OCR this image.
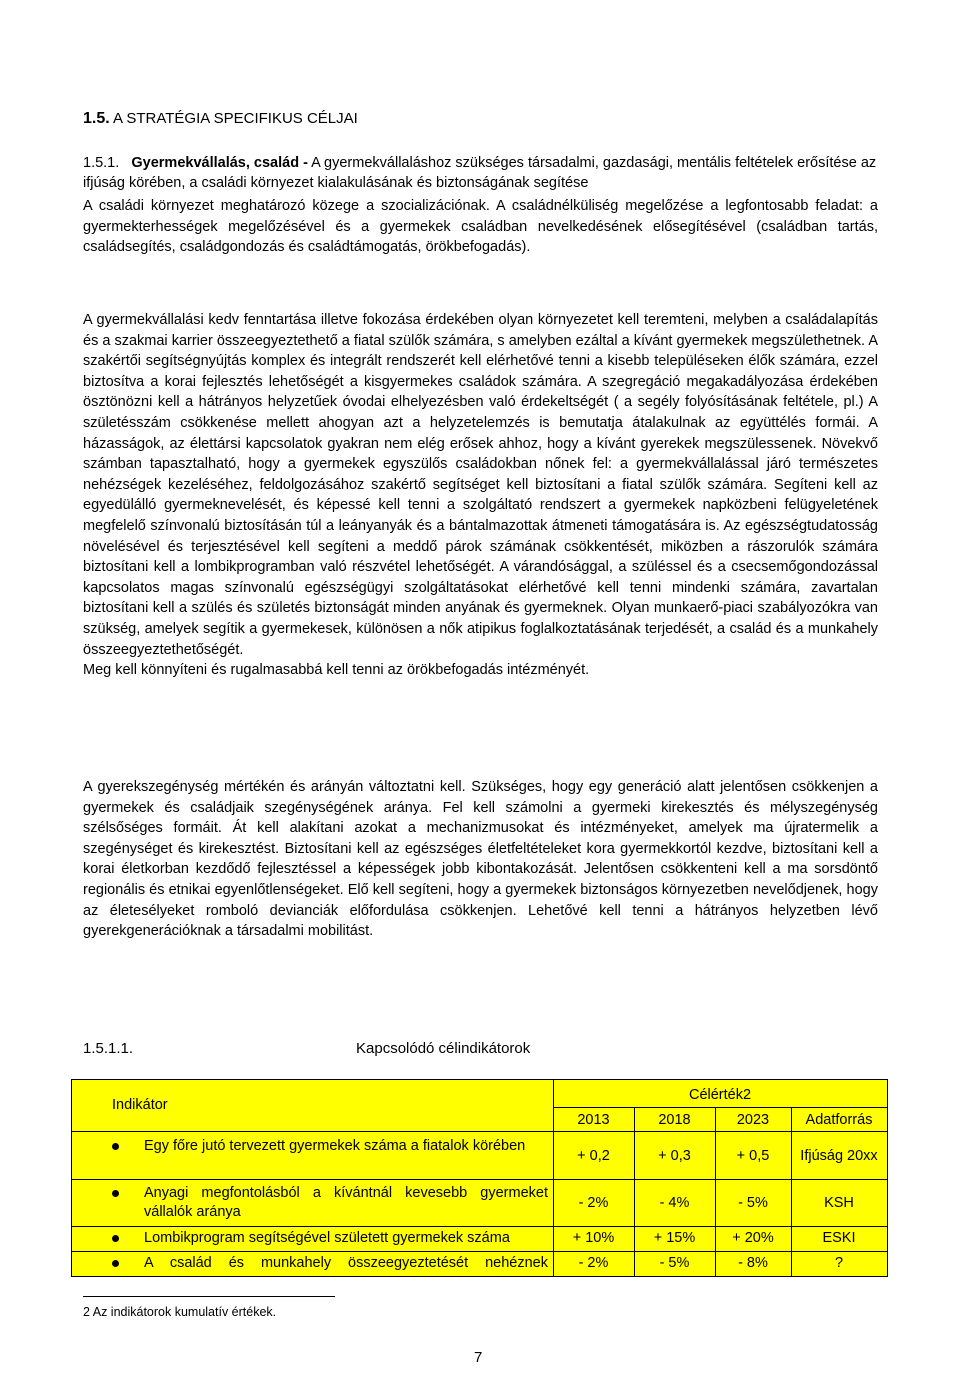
1.5. A STRATÉGIA SPECIFIKUS CÉLJAI
1.5.1. Gyermekvállalás, család - A gyermekvállaláshoz szükséges társadalmi, gazdasági, mentális feltételek erősítése az ifjúság körében, a családi környezet kialakulásának és biztonságának segítése
A családi környezet meghatározó közege a szocializációnak. A családnélküliség megelőzése a legfontosabb feladat: a gyermekterhességek megelőzésével és a gyermekek családban nevelkedésének elősegítésével (családban tartás, családsegítés, családgondozás és családtámogatás, örökbefogadás).
A gyermekvállalási kedv fenntartása illetve fokozása érdekében olyan környezetet kell teremteni, melyben a családalapítás és a szakmai karrier összeegyeztethető a fiatal szülők számára, s amelyben ezáltal a kívánt gyermekek megszülethetnek. A szakértői segítségnyújtás komplex és integrált rendszerét kell elérhetővé tenni a kisebb településeken élők számára, ezzel biztosítva a korai fejlesztés lehetőségét a kisgyermekes családok számára. A szegregáció megakadályozása érdekében ösztönözni kell a hátrányos helyzetűek óvodai elhelyezésben való érdekeltségét ( a segély folyósításának feltétele, pl.) A születésszám csökkenése mellett ahogyan azt a helyzetelemzés is bemutatja átalakulnak az együttélés formái. A házasságok, az élettársi kapcsolatok gyakran nem elég erősek ahhoz, hogy a kívánt gyerekek megszülessenek. Növekvő számban tapasztalható, hogy a gyermekek egyszülős családokban nőnek fel: a gyermekvállalással járó természetes nehézségek kezeléséhez, feldolgozásához szakértő segítséget kell biztosítani a fiatal szülők számára. Segíteni kell az egyedülálló gyermeknevelését, és képessé kell tenni a szolgáltató rendszert a gyermekek napközbeni felügyeletének megfelelő színvonalú biztosításán túl a leányanyák és a bántalmazottak átmeneti támogatására is. Az egészségtudatosság növelésével és terjesztésével kell segíteni a meddő párok számának csökkentését, miközben a rászorulók számára biztosítani kell a lombikprogramban való részvétel lehetőségét. A várandósággal, a szüléssel és a csecsemőgondozással kapcsolatos magas színvonalú egészségügyi szolgáltatásokat elérhetővé kell tenni mindenki számára, zavartalan biztosítani kell a szülés és születés biztonságát minden anyának és gyermeknek. Olyan munkaerő-piaci szabályozókra van szükség, amelyek segítik a gyermekesek, különösen a nők atipikus foglalkoztatásának terjedését, a család és a munkahely összeegyeztethetőségét.
Meg kell könnyíteni és rugalmasabbá kell tenni az örökbefogadás intézményét.
A gyerekszegénység mértékén és arányán változtatni kell. Szükséges, hogy egy generáció alatt jelentősen csökkenjen a gyermekek és családjaik szegénységének aránya. Fel kell számolni a gyermeki kirekesztés és mélyszegénység szélsőséges formáit. Át kell alakítani azokat a mechanizmusokat és intézményeket, amelyek ma újratermelik a szegénységet és kirekesztést. Biztosítani kell az egészséges életfeltételeket kora gyermekkortól kezdve, biztosítani kell a korai életkorban kezdődő fejlesztéssel a képességek jobb kibontakozását. Jelentősen csökkenteni kell a ma sorsdöntő regionális és etnikai egyenlőtlenségeket. Elő kell segíteni, hogy a gyermekek biztonságos környezetben nevelődjenek, hogy az életesélyeket romboló devianciák előfordulása csökkenjen. Lehetővé kell tenni a hátrányos helyzetben lévő gyerekgenerációknak a társadalmi mobilitást.
1.5.1.1.	Kapcsolódó célindikátorok
Indikátor
Célérték2
2013	2018	2023	Adatforrás
Egy főre jutó tervezett gyermekek száma a fiatalok körében
+ 0,2	+ 0,3	+ 0,5	Ifjúság 20xx
Anyagi megfontolásból a kívántnál kevesebb gyermeket vállalók aránya
- 2%	- 4%	- 5%	KSH
Lombikprogram segítségével született gyermekek száma	+ 10%	+ 15%	+ 20%	ESKI
A család és munkahely összeegyeztetését nehéznek	- 2%	- 5%	- 8%	?
2 Az indikátorok kumulatív értékek.
7
